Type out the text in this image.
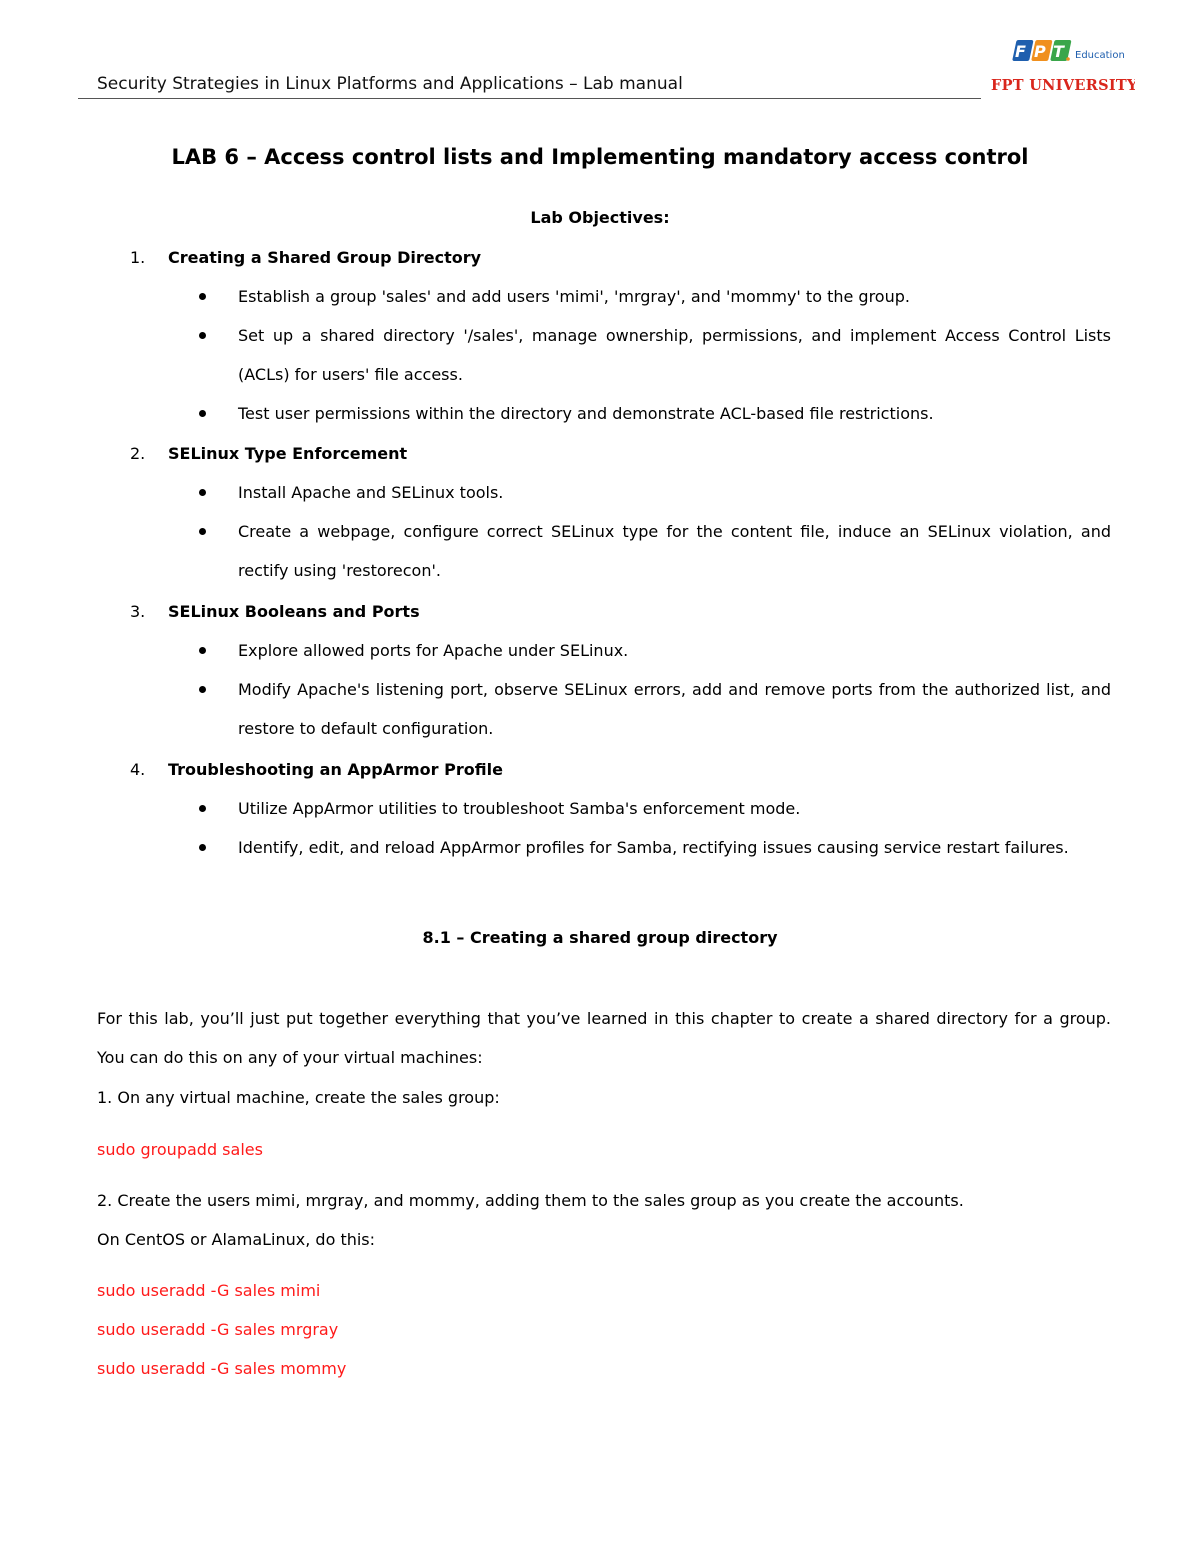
Security Strategies in Linux Platforms and Applications – Lab manual
F P T Education
FPT UNIVERSITY
LAB 6 – Access control lists and Implementing mandatory access control
Lab Objectives:
1. Creating a Shared Group Directory
Establish a group 'sales' and add users 'mimi', 'mrgray', and 'mommy' to the group.
Set up a shared directory '/sales', manage ownership, permissions, and implement Access Control Lists (ACLs) for users' file access.
Test user permissions within the directory and demonstrate ACL-based file restrictions.
2. SELinux Type Enforcement
Install Apache and SELinux tools.
Create a webpage, configure correct SELinux type for the content file, induce an SELinux violation, and rectify using 'restorecon'.
3. SELinux Booleans and Ports
Explore allowed ports for Apache under SELinux.
Modify Apache's listening port, observe SELinux errors, add and remove ports from the authorized list, and restore to default configuration.
4. Troubleshooting an AppArmor Profile
Utilize AppArmor utilities to troubleshoot Samba's enforcement mode.
Identify, edit, and reload AppArmor profiles for Samba, rectifying issues causing service restart failures.
8.1 – Creating a shared group directory
For this lab, you’ll just put together everything that you’ve learned in this chapter to create a shared directory for a group. You can do this on any of your virtual machines:
1. On any virtual machine, create the sales group:
sudo groupadd sales
2. Create the users mimi, mrgray, and mommy, adding them to the sales group as you create the accounts.
On CentOS or AlamaLinux, do this:
sudo useradd -G sales mimi
sudo useradd -G sales mrgray
sudo useradd -G sales mommy
